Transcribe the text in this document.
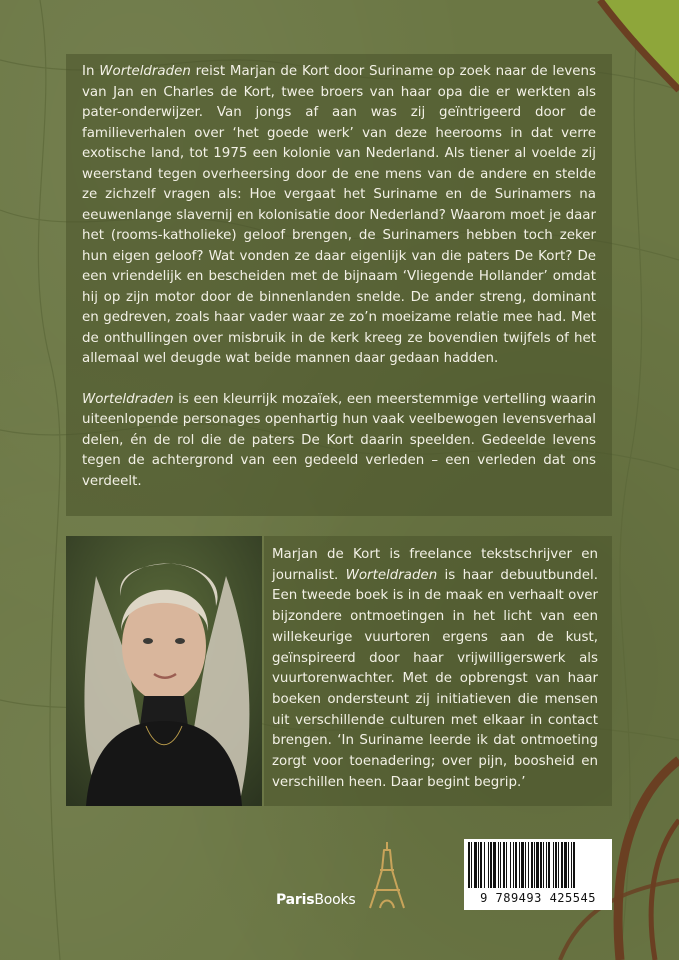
In Worteldraden reist Marjan de Kort door Suriname op zoek naar de levens van Jan en Charles de Kort, twee broers van haar opa die er werkten als pater-onderwijzer. Van jongs af aan was zij geïntrigeerd door de familieverhalen over ‘het goede werk’ van deze heerooms in dat verre exotische land, tot 1975 een kolonie van Nederland. Als tiener al voelde zij weerstand tegen overheersing door de ene mens van de andere en stelde ze zichzelf vragen als: Hoe vergaat het Suriname en de Surinamers na eeuwenlange slavernij en kolonisatie door Nederland? Waarom moet je daar het (rooms-katholieke) geloof brengen, de Surinamers hebben toch zeker hun eigen geloof? Wat vonden ze daar eigenlijk van die paters De Kort? De een vriendelijk en bescheiden met de bijnaam ‘Vliegende Hollander’ omdat hij op zijn motor door de binnenlanden snelde. De ander streng, dominant en gedreven, zoals haar vader waar ze zo’n moeizame relatie mee had. Met de onthullingen over misbruik in de kerk kreeg ze bovendien twijfels of het allemaal wel deugde wat beide mannen daar gedaan hadden.

Worteldraden is een kleurrijk mozaïek, een meerstemmige vertelling waarin uiteenlopende personages openhartig hun vaak veelbewogen levensverhaal delen, én de rol die de paters De Kort daarin speelden. Gedeelde levens tegen de achtergrond van een gedeeld verleden – een verleden dat ons verdeelt.

Marjan de Kort is freelance tekstschrijver en journalist. Worteldraden is haar debuutbundel. Een tweede boek is in de maak en verhaalt over bijzondere ontmoetingen in het licht van een willekeurige vuurtoren ergens aan de kust, geïnspireerd door haar vrijwilligerswerk als vuurtorenwachter. Met de opbrengst van haar boeken ondersteunt zij initiatieven die mensen uit verschillende culturen met elkaar in contact brengen. ‘In Suriname leerde ik dat ontmoeting zorgt voor toenadering; over pijn, boosheid en verschillen heen. Daar begint begrip.’

ParisBooks	9 789493 425545
